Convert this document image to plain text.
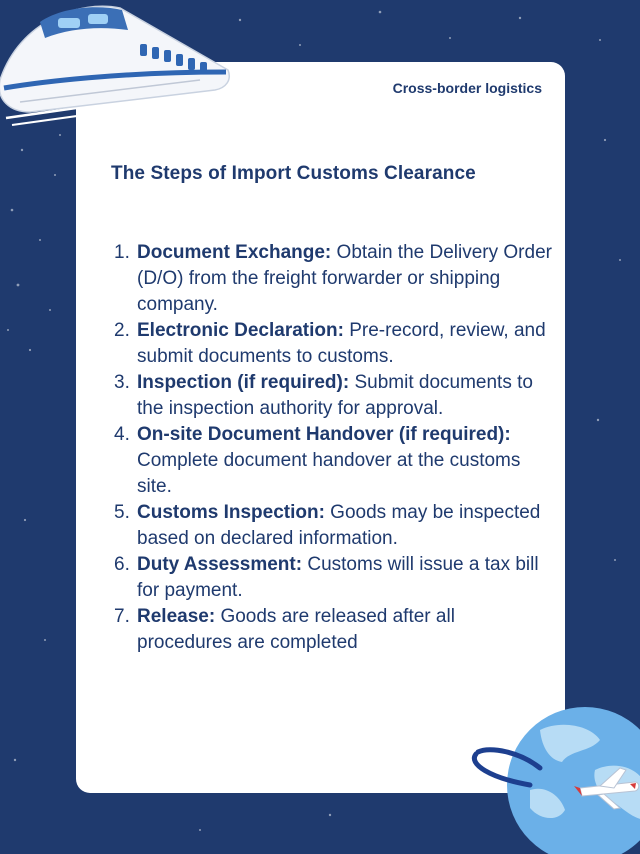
Cross-border logistics
The Steps of Import Customs Clearance
1. Document Exchange: Obtain the Delivery Order (D/O) from the freight forwarder or shipping company.
2. Electronic Declaration: Pre-record, review, and submit documents to customs.
3. Inspection (if required): Submit documents to the inspection authority for approval.
4. On-site Document Handover (if required): Complete document handover at the customs site.
5. Customs Inspection: Goods may be inspected based on declared information.
6. Duty Assessment: Customs will issue a tax bill for payment.
7. Release: Goods are released after all procedures are completed
